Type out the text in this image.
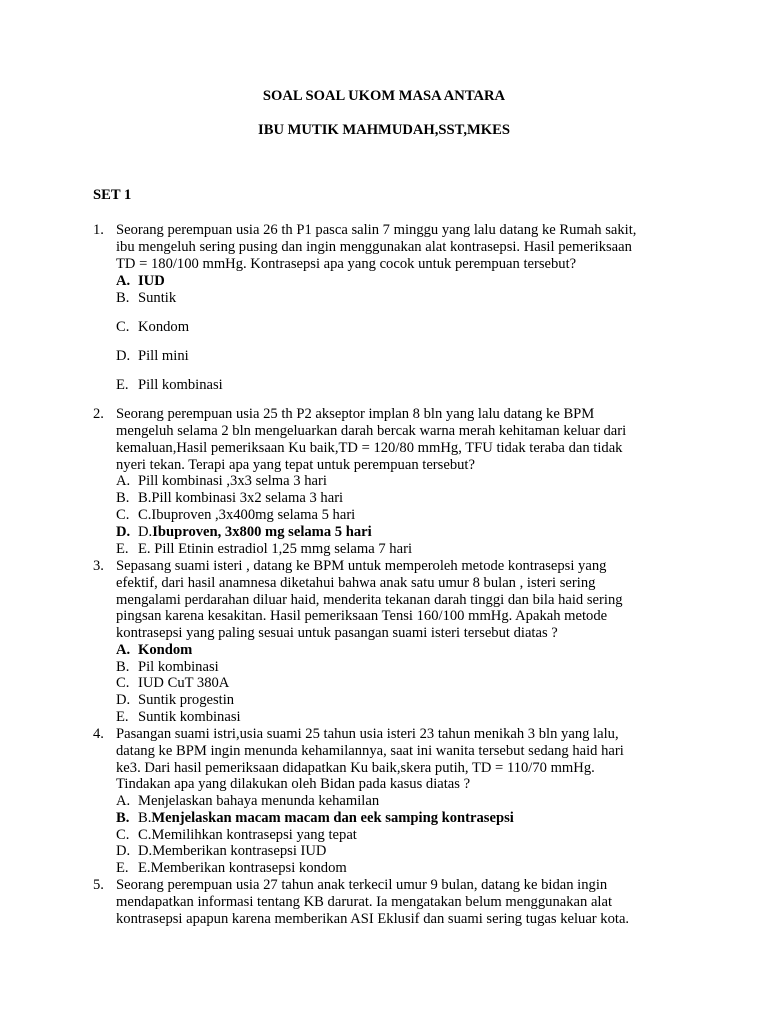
SOAL SOAL UKOM MASA ANTARA
IBU MUTIK MAHMUDAH,SST,MKES
SET 1
1. Seorang perempuan usia 26 th P1 pasca salin 7 minggu yang lalu datang ke Rumah sakit,
ibu mengeluh sering pusing dan ingin menggunakan alat kontrasepsi. Hasil pemeriksaan
TD = 180/100 mmHg. Kontrasepsi apa yang cocok untuk perempuan tersebut?
A. IUD
B. Suntik
C. Kondom
D. Pill mini
E. Pill kombinasi
2. Seorang perempuan usia 25 th P2 akseptor implan 8 bln yang lalu datang ke BPM
mengeluh selama 2 bln mengeluarkan darah bercak warna merah kehitaman keluar dari
kemaluan,Hasil pemeriksaan Ku baik,TD = 120/80 mmHg, TFU tidak teraba dan tidak
nyeri tekan. Terapi apa yang tepat untuk perempuan tersebut?
A. Pill kombinasi ,3x3 selma 3 hari
B. B.Pill kombinasi 3x2 selama 3 hari
C. C.Ibuproven ,3x400mg selama 5 hari
D. D.Ibuproven, 3x800 mg selama 5 hari
E. E. Pill Etinin estradiol 1,25 mmg selama 7 hari
3. Sepasang suami isteri , datang ke BPM untuk memperoleh metode kontrasepsi yang
efektif, dari hasil anamnesa diketahui bahwa anak satu umur 8 bulan , isteri sering
mengalami perdarahan diluar haid, menderita tekanan darah tinggi dan bila haid sering
pingsan karena kesakitan. Hasil pemeriksaan Tensi 160/100 mmHg. Apakah metode
kontrasepsi yang paling sesuai untuk pasangan suami isteri tersebut diatas ?
A. Kondom
B. Pil kombinasi
C. IUD CuT 380A
D. Suntik progestin
E. Suntik kombinasi
4. Pasangan suami istri,usia suami 25 tahun usia isteri 23 tahun menikah 3 bln yang lalu,
datang ke BPM ingin menunda kehamilannya, saat ini wanita tersebut sedang haid hari
ke3. Dari hasil pemeriksaan didapatkan Ku baik,skera putih, TD = 110/70 mmHg.
Tindakan apa yang dilakukan oleh Bidan pada kasus diatas ?
A. Menjelaskan bahaya menunda kehamilan
B. B.Menjelaskan macam macam dan eek samping kontrasepsi
C. C.Memilihkan kontrasepsi yang tepat
D. D.Memberikan kontrasepsi IUD
E. E.Memberikan kontrasepsi kondom
5. Seorang perempuan usia 27 tahun anak terkecil umur 9 bulan, datang ke bidan ingin
mendapatkan informasi tentang KB darurat. Ia mengatakan belum menggunakan alat
kontrasepsi apapun karena memberikan ASI Eklusif dan suami sering tugas keluar kota.
